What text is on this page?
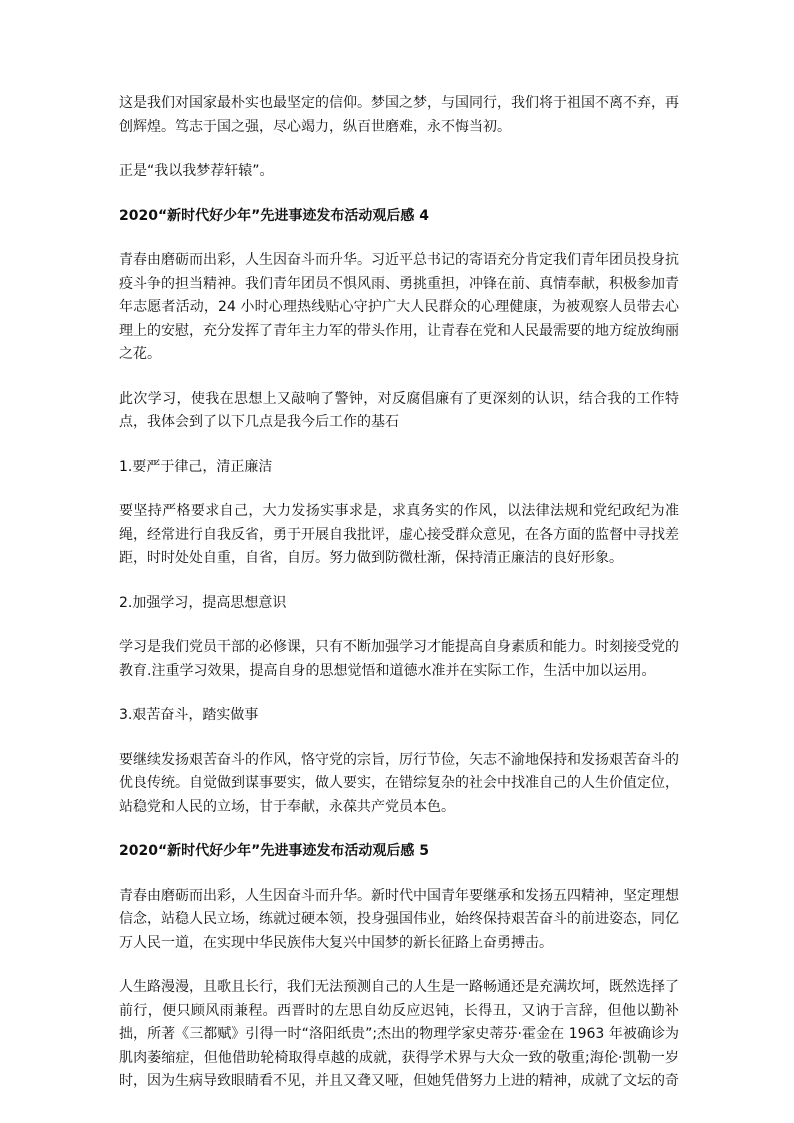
这是我们对国家最朴实也最坚定的信仰。梦国之梦，与国同行，我们将于祖国不离不弃，再创辉煌。笃志于国之强，尽心竭力，纵百世磨难，永不悔当初。

正是“我以我梦荐轩辕”。

2020“新时代好少年”先进事迹发布活动观后感 4

青春由磨砺而出彩，人生因奋斗而升华。习近平总书记的寄语充分肯定我们青年团员投身抗疫斗争的担当精神。我们青年团员不惧风雨、勇挑重担，冲锋在前、真情奉献，积极参加青年志愿者活动，24 小时心理热线贴心守护广大人民群众的心理健康，为被观察人员带去心理上的安慰，充分发挥了青年主力军的带头作用，让青春在党和人民最需要的地方绽放绚丽之花。

此次学习，使我在思想上又敲响了警钟，对反腐倡廉有了更深刻的认识，结合我的工作特点，我体会到了以下几点是我今后工作的基石

1.要严于律己，清正廉洁

要坚持严格要求自己，大力发扬实事求是，求真务实的作风，以法律法规和党纪政纪为准绳，经常进行自我反省，勇于开展自我批评，虚心接受群众意见，在各方面的监督中寻找差距，时时处处自重，自省，自厉。努力做到防微杜渐，保持清正廉洁的良好形象。

2.加强学习，提高思想意识

学习是我们党员干部的必修课，只有不断加强学习才能提高自身素质和能力。时刻接受党的教育.注重学习效果，提高自身的思想觉悟和道德水准并在实际工作，生活中加以运用。

3.艰苦奋斗，踏实做事

要继续发扬艰苦奋斗的作风，恪守党的宗旨，厉行节俭，矢志不渝地保持和发扬艰苦奋斗的优良传统。自觉做到谋事要实，做人要实，在错综复杂的社会中找准自己的人生价值定位，站稳党和人民的立场，甘于奉献，永葆共产党员本色。

2020“新时代好少年”先进事迹发布活动观后感 5

青春由磨砺而出彩，人生因奋斗而升华。新时代中国青年要继承和发扬五四精神，坚定理想信念，站稳人民立场，练就过硬本领，投身强国伟业，始终保持艰苦奋斗的前进姿态，同亿万人民一道，在实现中华民族伟大复兴中国梦的新长征路上奋勇搏击。

人生路漫漫，且歌且长行，我们无法预测自己的人生是一路畅通还是充满坎坷，既然选择了前行，便只顾风雨兼程。西晋时的左思自幼反应迟钝，长得丑，又讷于言辞，但他以勤补拙，所著《三都赋》引得一时“洛阳纸贵”;杰出的物理学家史蒂芬·霍金在 1963 年被确诊为肌肉萎缩症，但他借助轮椅取得卓越的成就，获得学术界与大众一致的敬重;海伦·凯勒一岁时，因为生病导致眼睛看不见，并且又聋又哑，但她凭借努力上进的精神，成就了文坛的奇
